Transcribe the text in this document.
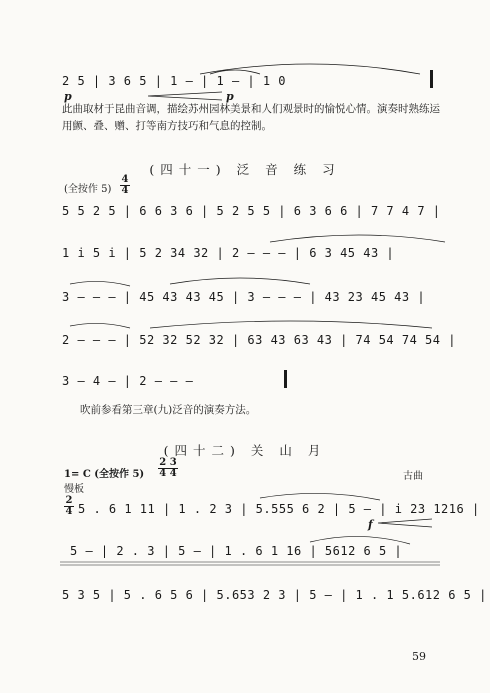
2 5 | 3 6 5 | 1 – | 1 – | 1 0
p	p
此曲取材于昆曲音调，描绘苏州园林美景和人们观景时的愉悦心情。演奏时熟练运用颤、叠、赠、打等南方技巧和气息的控制。
(四十一) 泛 音 练 习
(全按作 5)
4
4
5 5 2 5 | 6 6 3 6 | 5 2 5 5 | 6 3 6 6 | 7 7 4 7 |
1 i 5 i | 5 2 34 32 | 2 – – – | 6 3 45 43 |
3 – – – | 45 43 43 45 | 3 – – – | 43 23 45 43 |
2 – – – | 52 32 52 32 | 63 43 63 43 | 74 54 74 54 |
3 – 4 – | 2 – – –
吹前参看第三章(九)泛音的演奏方法。
(四十二) 关 山 月
1= C (全按作 5)
2 3
4 4	古曲
慢板
5 . 6 1 11 | 1 . 2 3 | 5.555 6 2 | 5 – | i 23 1216 |
2
4
f
5 – | 2 . 3 | 5 – | 1 . 6 1 16 | 5612 6 5 |
5 3 5 | 5 . 6 5 6 | 5.653 2 3 | 5 – | 1 . 1 5.612 6 5 |
59
